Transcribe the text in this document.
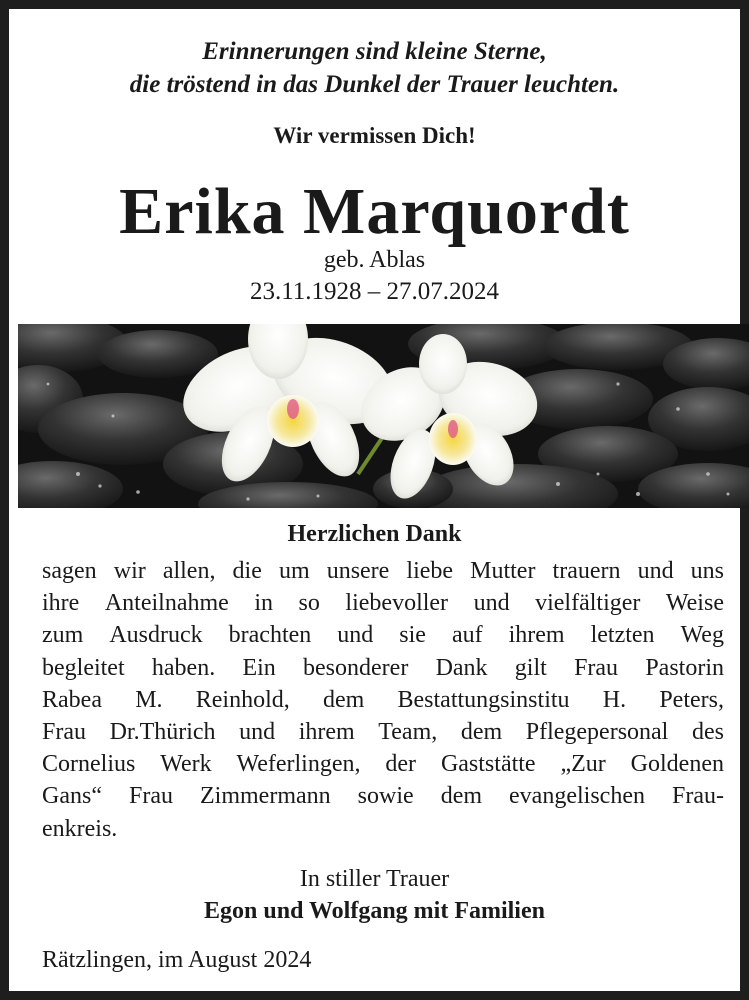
Erinnerungen sind kleine Sterne,
die tröstend in das Dunkel der Trauer leuchten.
Wir vermissen Dich!
Erika Marquordt
geb. Ablas
23.11.1928 – 27.07.2024
Herzlichen Dank
sagen wir allen, die um unsere liebe Mutter trauern und uns
ihre Anteilnahme in so liebevoller und vielfältiger Weise
zum Ausdruck brachten und sie auf ihrem letzten Weg
begleitet haben. Ein besonderer Dank gilt Frau Pastorin
Rabea M. Reinhold, dem Bestattungsinstitu H. Peters,
Frau Dr.Thürich und ihrem Team, dem Pflegepersonal des
Cornelius Werk Weferlingen, der Gaststätte „Zur Goldenen
Gans“ Frau Zimmermann sowie dem evangelischen Frau-
enkreis.
In stiller Trauer
Egon und Wolfgang mit Familien
Rätzlingen, im August 2024
